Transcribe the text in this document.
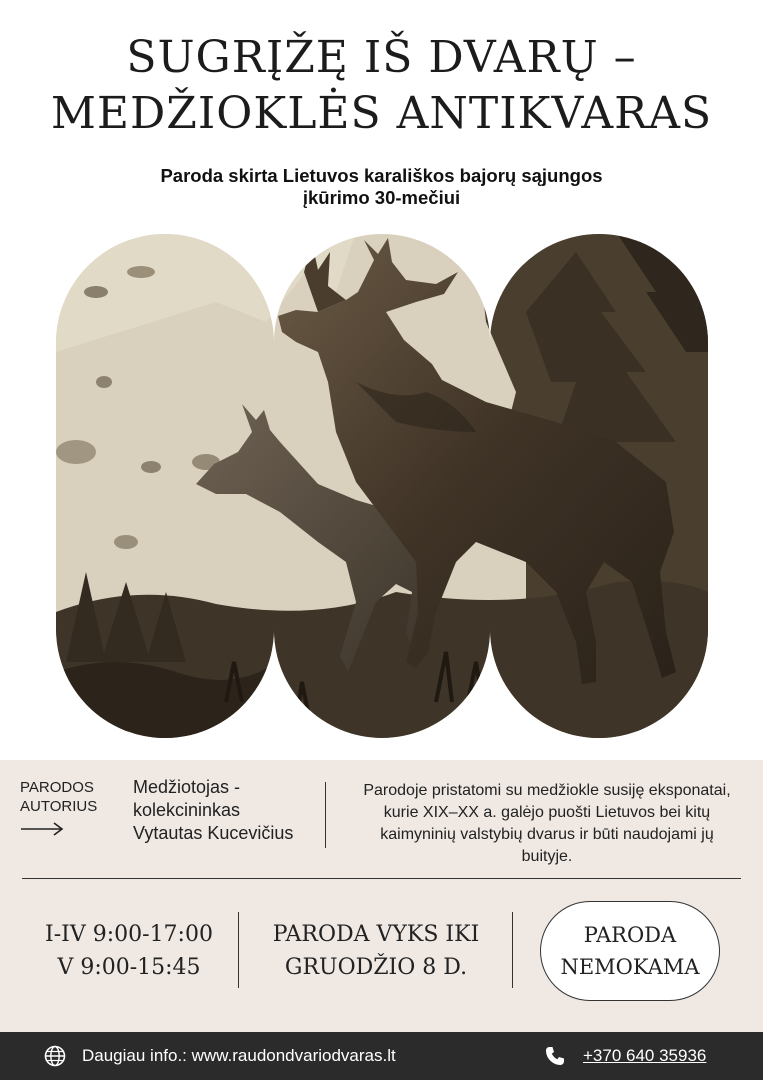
SUGRĮŽĘ IŠ DVARŲ –
MEDŽIOKLĖS ANTIKVARAS
Paroda skirta Lietuvos karališkos bajorų sąjungos
įkūrimo 30-mečiui
PARODOS
AUTORIUS
Medžiotojas -
kolekcininkas
Vytautas Kucevičius
Parodoje pristatomi su medžiokle susiję eksponatai,
kurie XIX–XX a. galėjo puošti Lietuvos bei kitų
kaimyninių valstybių dvarus ir būti naudojami jų
buityje.
I-IV 9:00-17:00
V 9:00-15:45
PARODA VYKS IKI
GRUODŽIO 8 D.
PARODA
NEMOKAMA
Daugiau info.: www.raudondvariodvaras.lt	+370 640 35936
